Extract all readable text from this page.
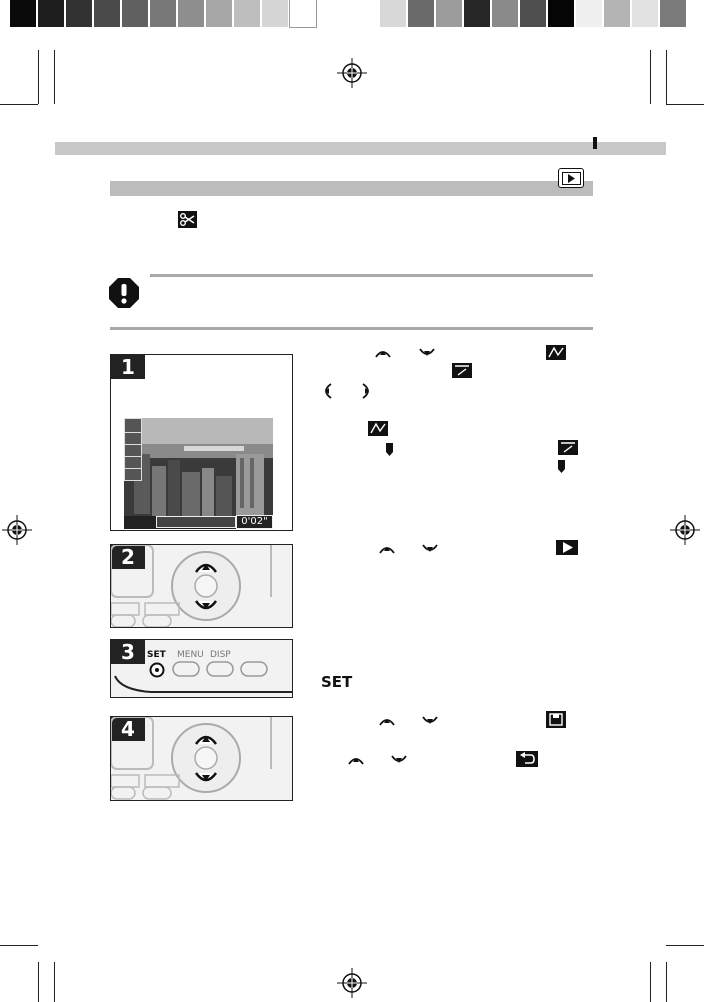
1
0'02"
2
3	SET MENU DISP
4
SET
